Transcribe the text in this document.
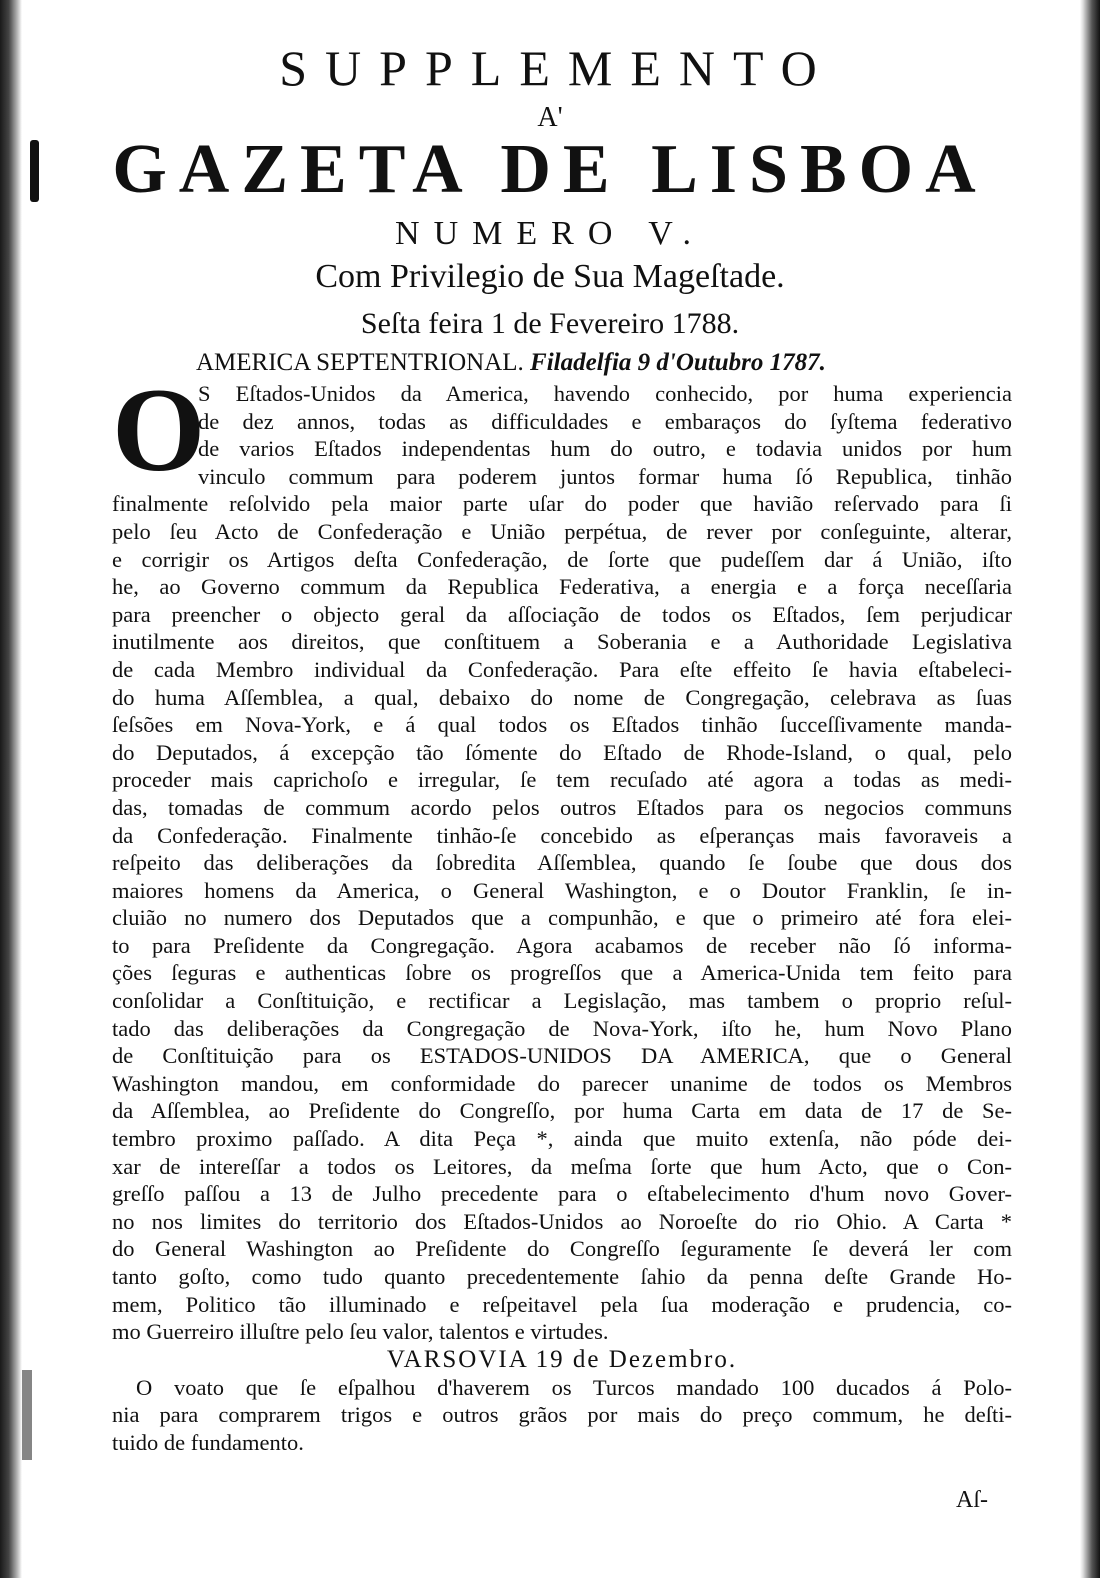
SUPPLEMENTO
A'
GAZETA DE LISBOA
NUMERO V.
Com Privilegio de Sua Mageſtade.
Seſta feira 1 de Fevereiro 1788.
AMERICA SEPTENTRIONAL. Filadelfia 9 d'Outubro 1787.
O
S Eſtados-Unidos da America, havendo conhecido, por huma experiencia
de dez annos, todas as difficuldades e embaraços do ſyſtema federativo
de varios Eſtados independentas hum do outro, e todavia unidos por hum
vinculo commum para poderem juntos formar huma ſó Republica, tinhão
finalmente reſolvido pela maior parte uſar do poder que havião reſervado para ſi
pelo ſeu Acto de Confederação e União perpétua, de rever por conſeguinte, alterar,
e corrigir os Artigos deſta Confederação, de ſorte que pudeſſem dar á União, iſto
he, ao Governo commum da Republica Federativa, a energia e a força neceſſaria
para preencher o objecto geral da aſſociação de todos os Eſtados, ſem perjudicar
inutilmente aos direitos, que conſtituem a Soberania e a Authoridade Legislativa
de cada Membro individual da Confederação. Para eſte effeito ſe havia eſtabeleci-
do huma Aſſemblea, a qual, debaixo do nome de Congregação, celebrava as ſuas
ſeſsões em Nova-York, e á qual todos os Eſtados tinhão ſucceſſivamente manda-
do Deputados, á excepção tão ſómente do Eſtado de Rhode-Island, o qual, pelo
proceder mais caprichoſo e irregular, ſe tem recuſado até agora a todas as medi-
das, tomadas de commum acordo pelos outros Eſtados para os negocios communs
da Confederação. Finalmente tinhão-ſe concebido as eſperanças mais favoraveis a
reſpeito das deliberações da ſobredita Aſſemblea, quando ſe ſoube que dous dos
maiores homens da America, o General Washington, e o Doutor Franklin, ſe in-
cluião no numero dos Deputados que a compunhão, e que o primeiro até fora elei-
to para Preſidente da Congregação. Agora acabamos de receber não ſó informa-
ções ſeguras e authenticas ſobre os progreſſos que a America-Unida tem feito para
conſolidar a Conſtituição, e rectificar a Legislação, mas tambem o proprio reſul-
tado das deliberações da Congregação de Nova-York, iſto he, hum Novo Plano
de Conſtituição para os ESTADOS-UNIDOS DA AMERICA, que o General
Washington mandou, em conformidade do parecer unanime de todos os Membros
da Aſſemblea, ao Preſidente do Congreſſo, por huma Carta em data de 17 de Se-
tembro proximo paſſado. A dita Peça *, ainda que muito extenſa, não póde dei-
xar de intereſſar a todos os Leitores, da meſma ſorte que hum Acto, que o Con-
greſſo paſſou a 13 de Julho precedente para o eſtabelecimento d'hum novo Gover-
no nos limites do territorio dos Eſtados-Unidos ao Noroeſte do rio Ohio. A Carta *
do General Washington ao Preſidente do Congreſſo ſeguramente ſe deverá ler com
tanto goſto, como tudo quanto precedentemente ſahio da penna deſte Grande Ho-
mem, Politico tão illuminado e reſpeitavel pela ſua moderação e prudencia, co-
mo Guerreiro illuſtre pelo ſeu valor, talentos e virtudes.
VARSOVIA 19 de Dezembro.
O voato que ſe eſpalhou d'haverem os Turcos mandado 100 ducados á Polo-
nia para comprarem trigos e outros grãos por mais do preço commum, he deſti-
tuido de fundamento.
Aſ-
